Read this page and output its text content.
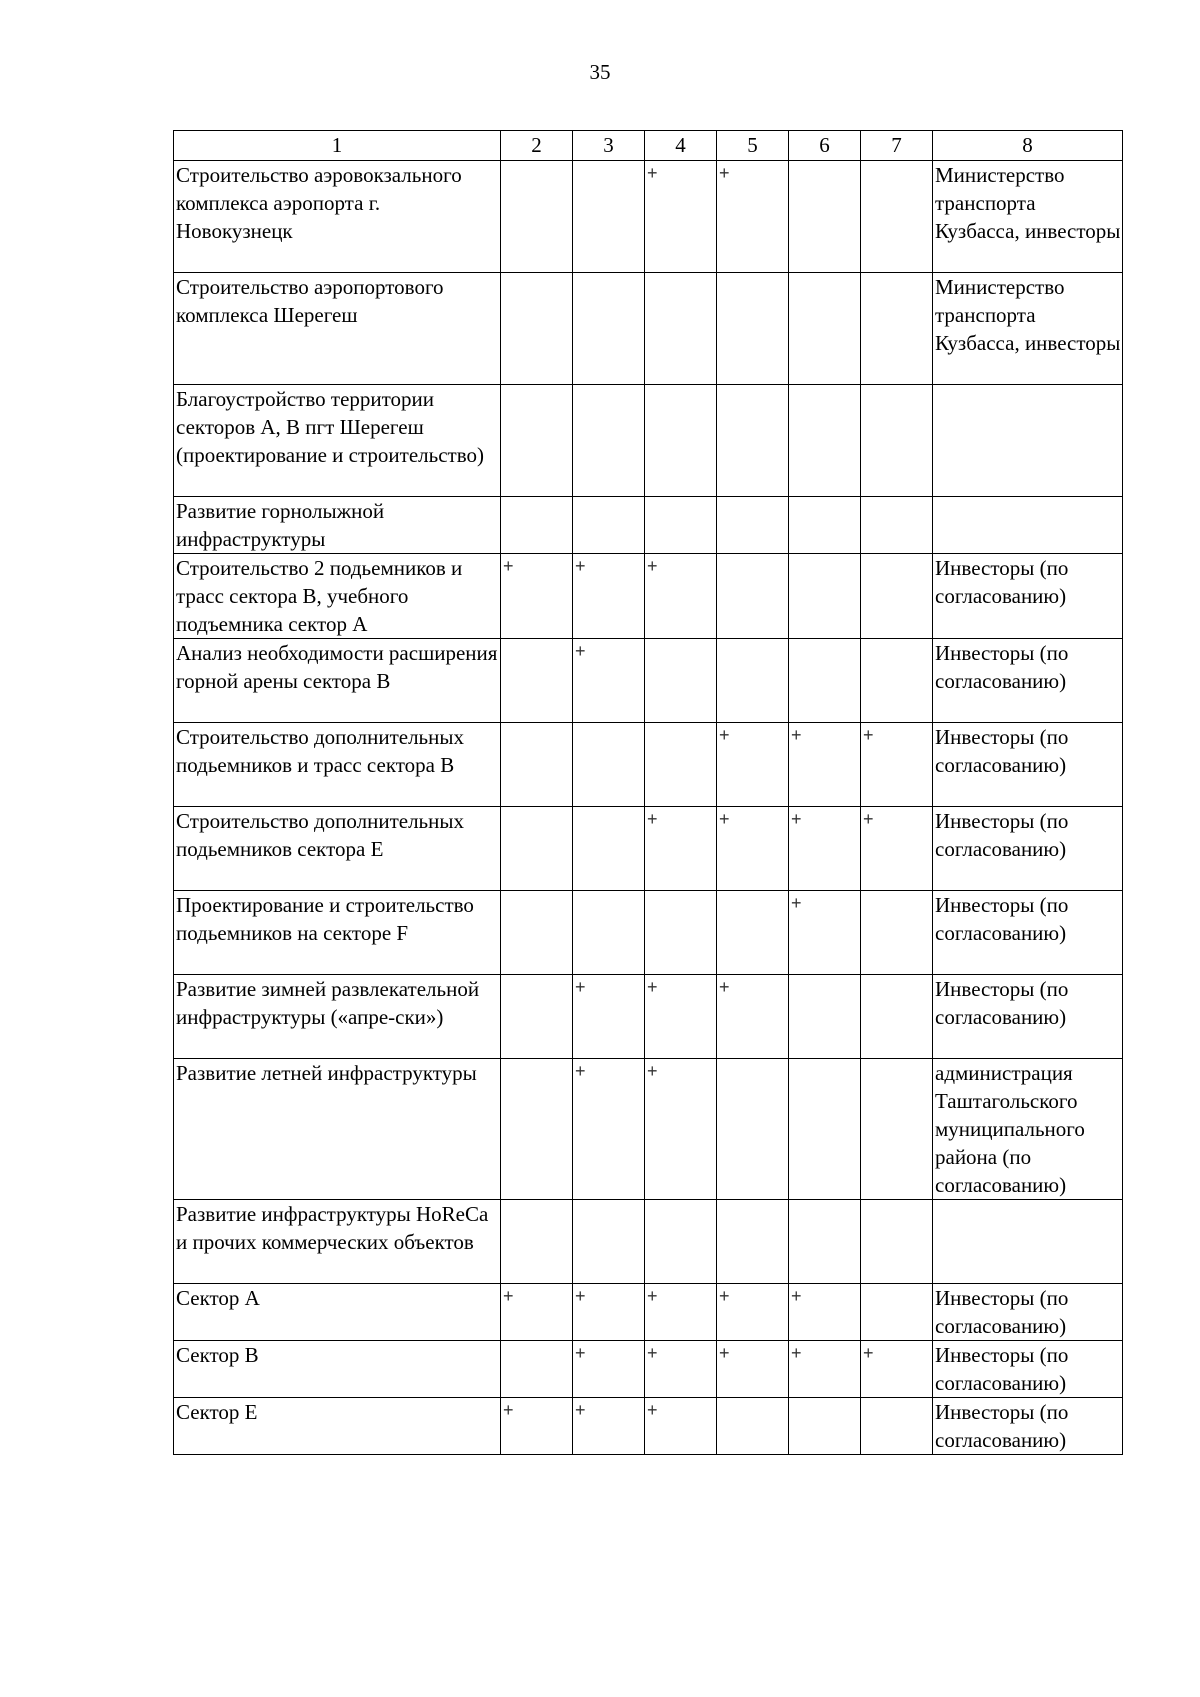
35
1	2	3	4	5	6	7	8
Строительство аэровокзального комплекса аэропорта г. Новокузнецк			+	+			Министерство транспорта Кузбасса, инвесторы
Строительство аэропортового комплекса Шерегеш							Министерство транспорта Кузбасса, инвесторы
Благоустройство территории секторов А, В пгт Шерегеш (проектирование и строительство)							
Развитие горнолыжной инфраструктуры							
Строительство 2 подьемников и трасс сектора В, учебного подъемника сектор А	+	+	+				Инвесторы (по согласованию)
Анализ необходимости расширения горной арены сектора В		+					Инвесторы (по согласованию)
Строительство дополнительных подьемников и трасс сектора В				+	+	+	Инвесторы (по согласованию)
Строительство дополнительных подьемников сектора Е			+	+	+	+	Инвесторы (по согласованию)
Проектирование и строительство подьемников на секторе F					+		Инвесторы (по согласованию)
Развитие зимней развлекательной инфраструктуры («апре-ски»)		+	+	+			Инвесторы (по согласованию)
Развитие летней инфраструктуры		+	+				администрация Таштагольского муниципального района (по согласованию)
Развитие инфраструктуры HoReCa и прочих коммерческих объектов							
Сектор А	+	+	+	+	+		Инвесторы (по согласованию)
Сектор В		+	+	+	+	+	Инвесторы (по согласованию)
Сектор Е	+	+	+				Инвесторы (по согласованию)
